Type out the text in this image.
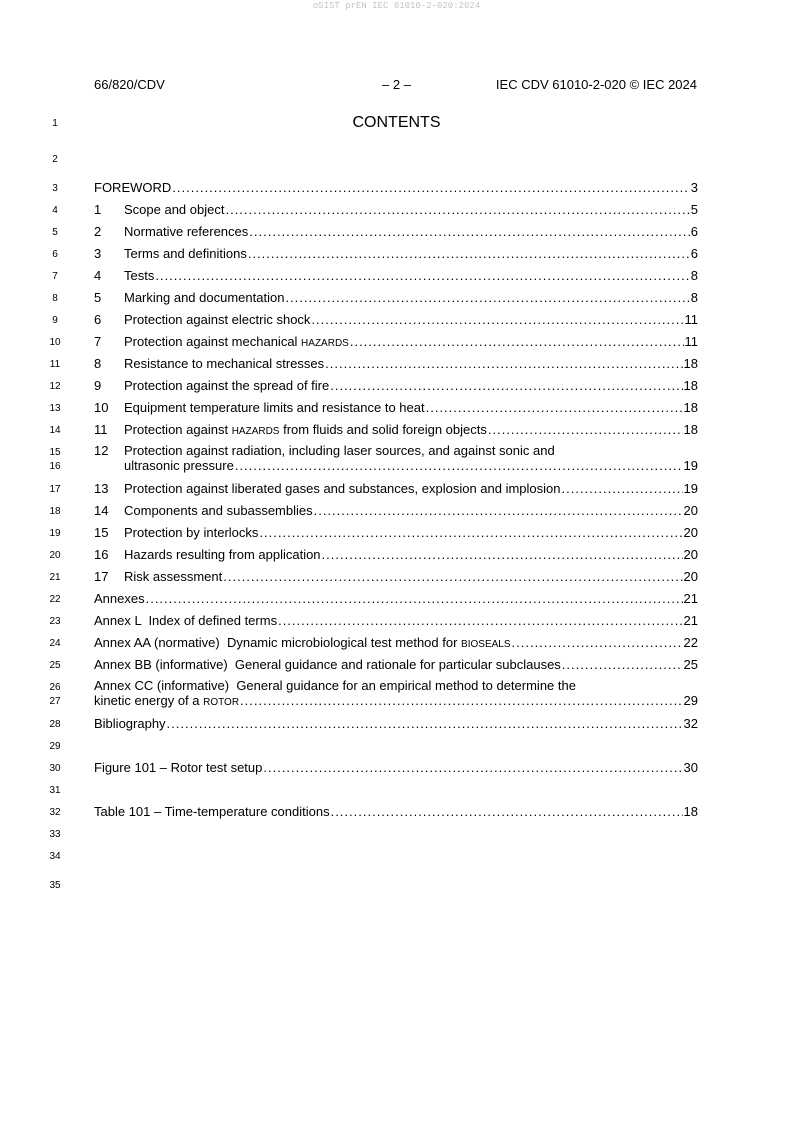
oSIST prEN IEC 61010-2-020:2024
66/820/CDV	– 2 –	IEC CDV 61010-2-020 © IEC 2024
CONTENTS
1
2
3
4
5
6
7
8
9
10
11
12
13
14
15
16
17
18
19
20
21
22
23
24
25
26
27
28
29
30
31
32
33
34
35
FOREWORD .....	3
1	Scope and object .....	5
2	Normative references .....	6
3	Terms and definitions .....	6
4	Tests .....	8
5	Marking and documentation .....	8
6	Protection against electric shock .....	11
7	Protection against mechanical HAZARDS .....	11
8	Resistance to mechanical stresses .....	18
9	Protection against the spread of fire .....	18
10	Equipment temperature limits and resistance to heat .....	18
11	Protection against HAZARDS from fluids and solid foreign objects .....	18
12	Protection against radiation, including laser sources, and against sonic and
ultrasonic pressure .....	19
13	Protection against liberated gases and substances, explosion and implosion .....	19
14	Components and subassemblies .....	20
15	Protection by interlocks .....	20
16	Hazards resulting from application .....	20
17	Risk assessment .....	20
Annexes .....	21
Annex L  Index of defined terms .....	21
Annex AA (normative)  Dynamic microbiological test method for BIOSEALS .....	22
Annex BB (informative)  General guidance and rationale for particular subclauses .....	25
Annex CC (informative)  General guidance for an empirical method to determine the
kinetic energy of a ROTOR .....	29
Bibliography .....	32
Figure 101 – Rotor test setup .....	30
Table 101 – Time-temperature conditions .....	18
